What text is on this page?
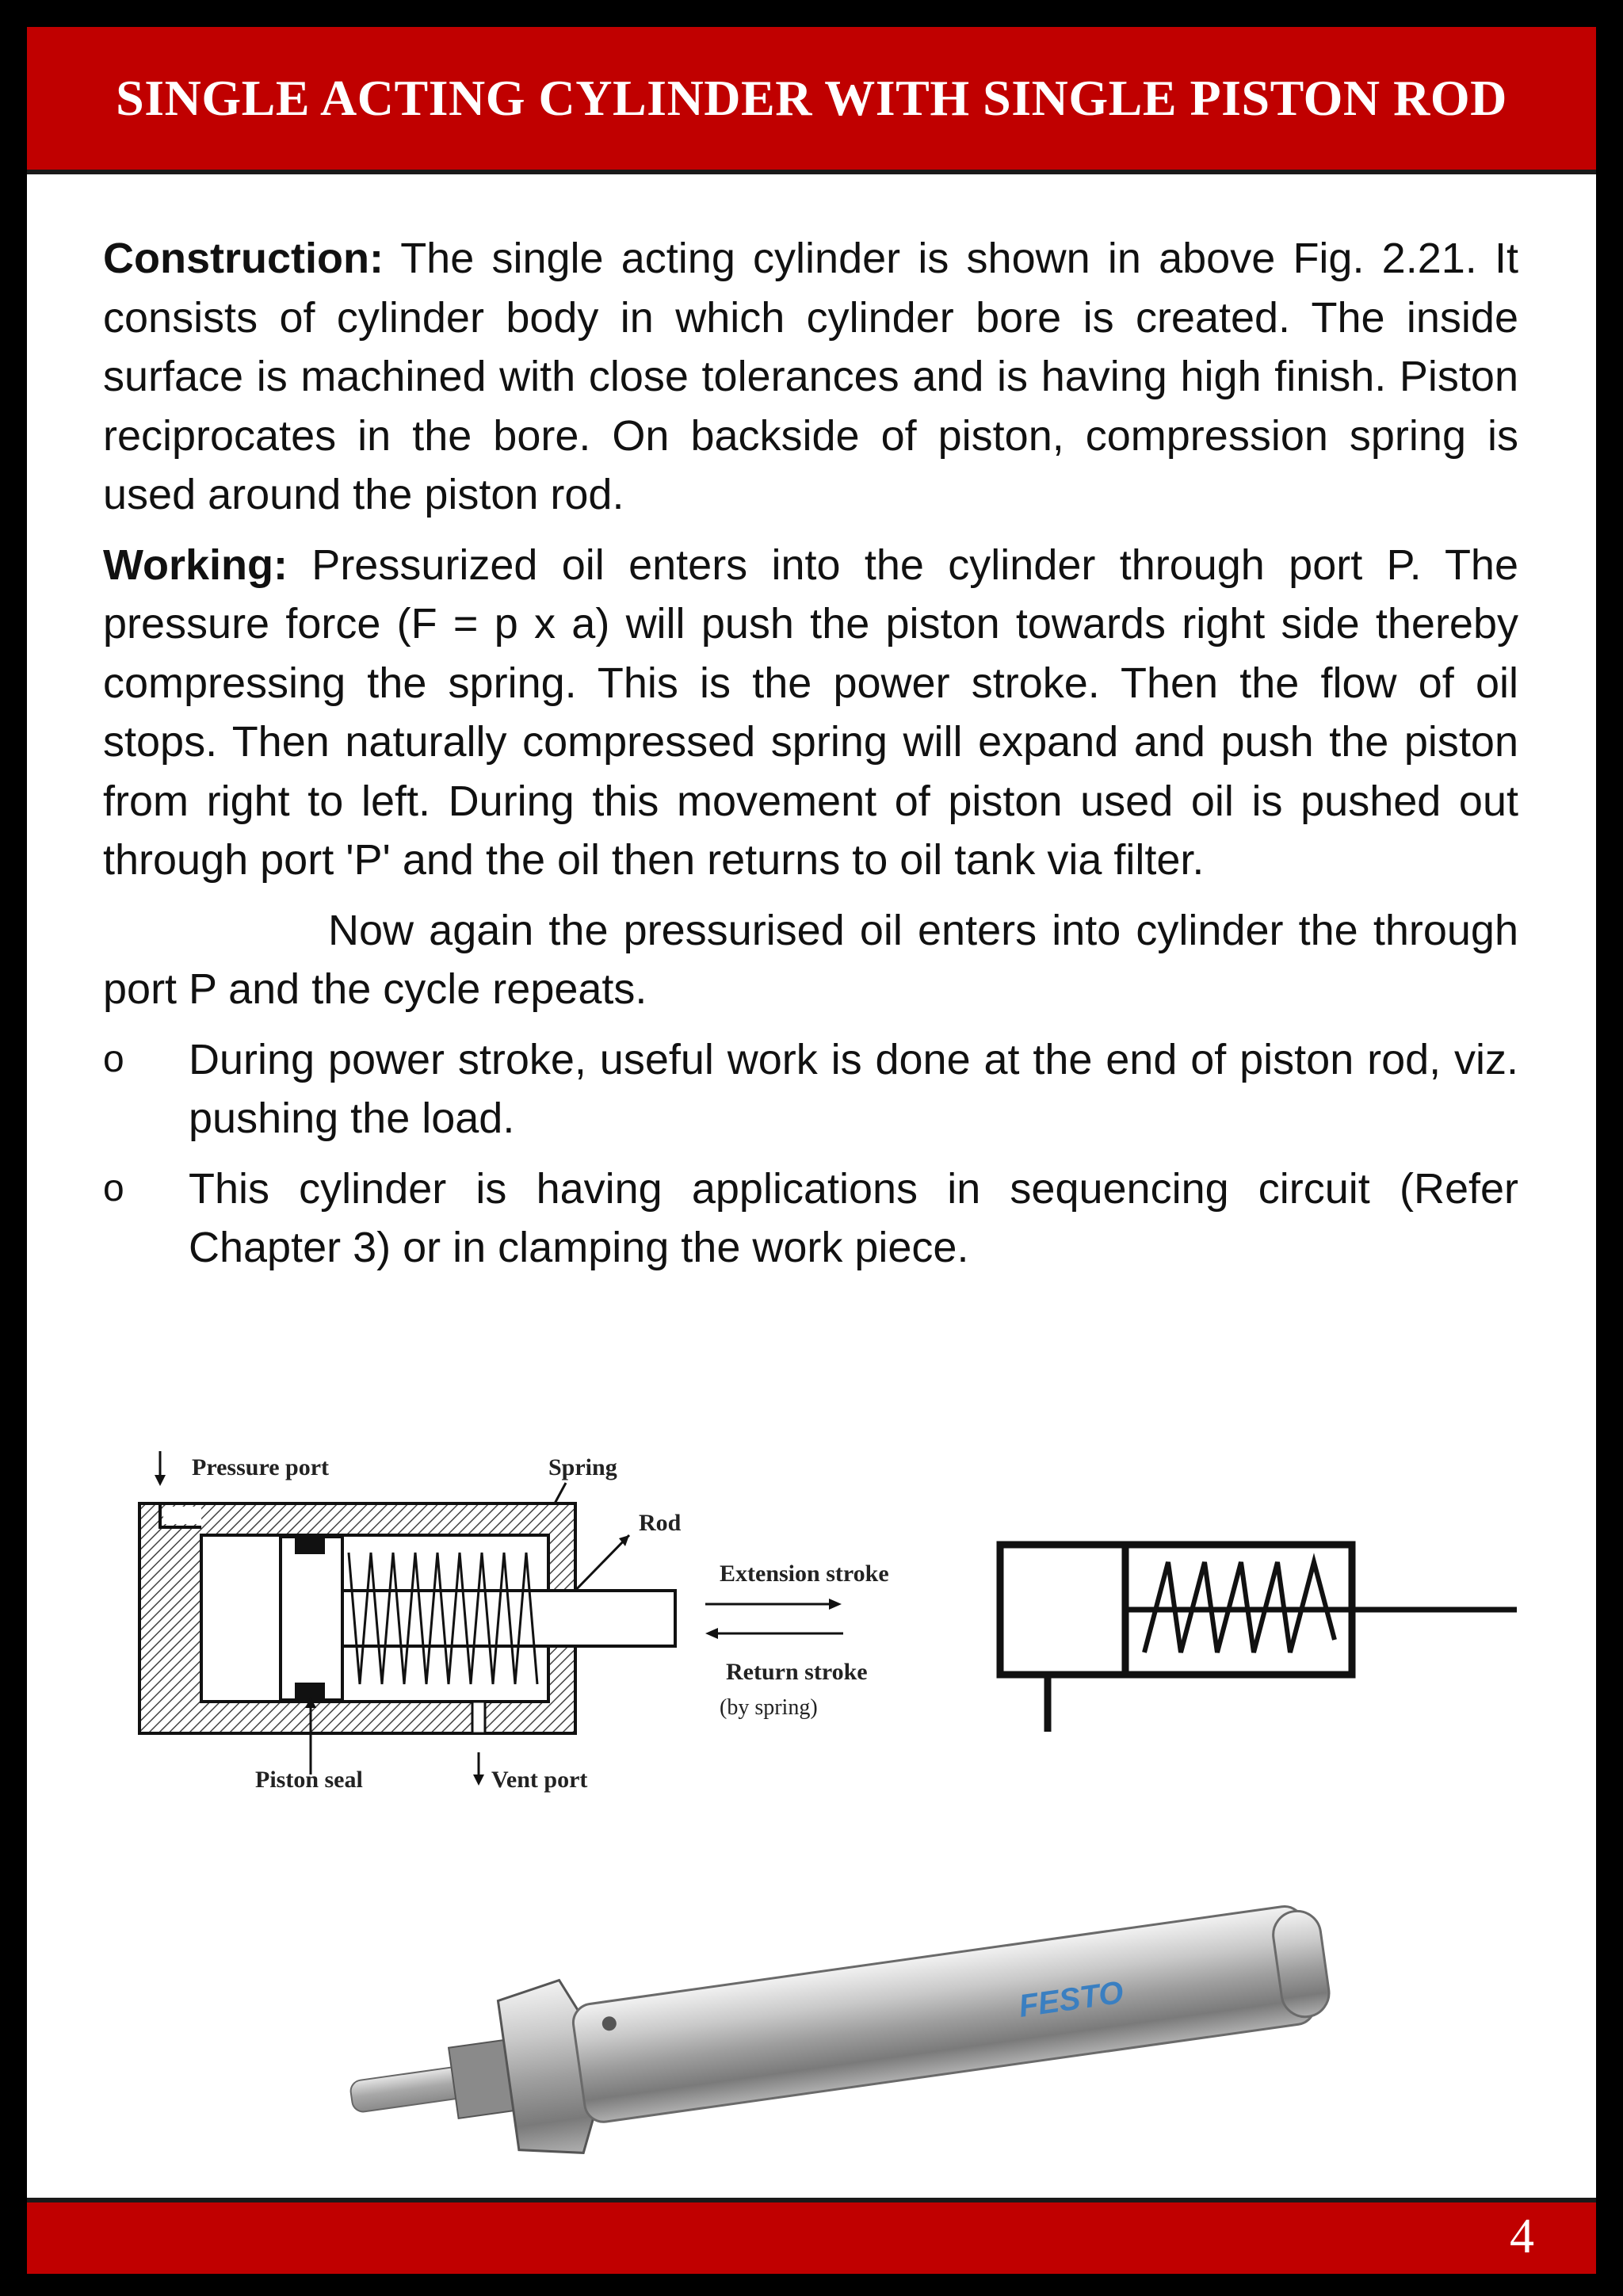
SINGLE ACTING CYLINDER WITH SINGLE PISTON ROD

Construction: The single acting cylinder is shown in above Fig. 2.21. It consists of cylinder body in which cylinder bore is created. The inside surface is machined with close tolerances and is having high finish. Piston reciprocates in the bore. On backside of piston, compression spring is used around the piston rod.

Working: Pressurized oil enters into the cylinder through port P. The pressure force (F = p x a) will push the piston towards right side thereby compressing the spring. This is the power stroke. Then the flow of oil stops. Then naturally compressed spring will expand and push the piston from right to left. During this movement of piston used oil is pushed out through port 'P' and the oil then returns to oil tank via filter.

Now again the pressurised oil enters into cylinder the through port P and the cycle repeats.

o	During power stroke, useful work is done at the end of piston rod, viz. pushing the load.
o	This cylinder is having applications in sequencing circuit (Refer Chapter 3) or in clamping the work piece.
Pressure port	Spring
Rod
Piston seal	Vent port
Extension stroke
Return stroke
(by spring)
FESTO
4
